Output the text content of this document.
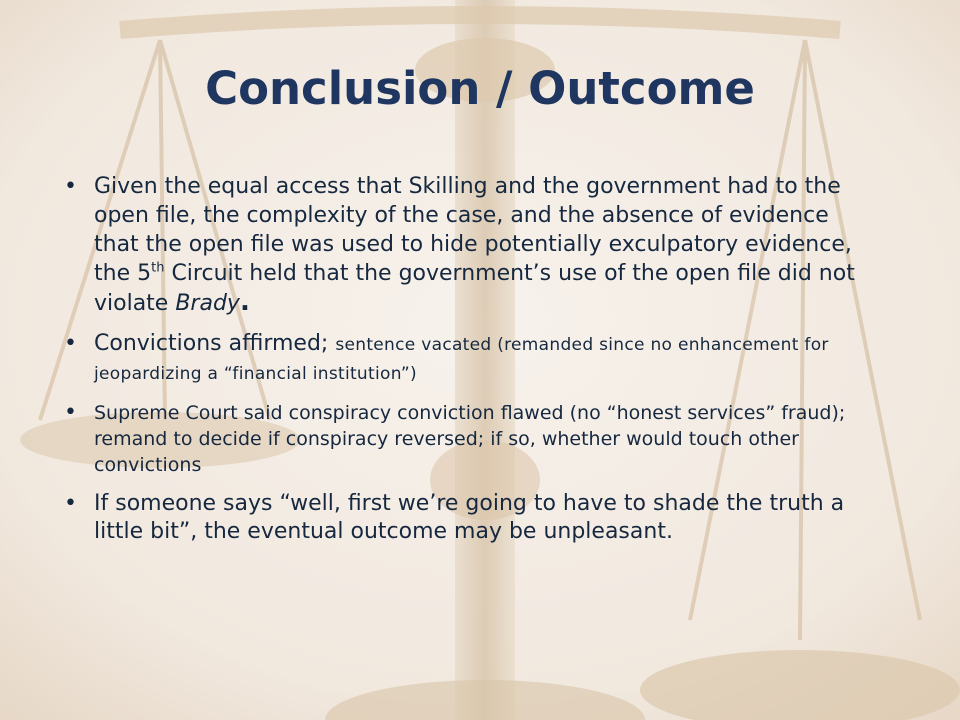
Conclusion / Outcome
• Given the equal access that Skilling and the government had to the open file, the complexity of the case, and the absence of evidence that the open file was used to hide potentially exculpatory evidence, the 5th Circuit held that the government’s use of the open file did not violate Brady.
• Convictions affirmed; sentence vacated (remanded since no enhancement for jeopardizing a “financial institution”)
• Supreme Court said conspiracy conviction flawed (no “honest services” fraud); remand to decide if conspiracy reversed; if so, whether would touch other convictions
• If someone says “well, first we’re going to have to shade the truth a little bit”, the eventual outcome may be unpleasant.
